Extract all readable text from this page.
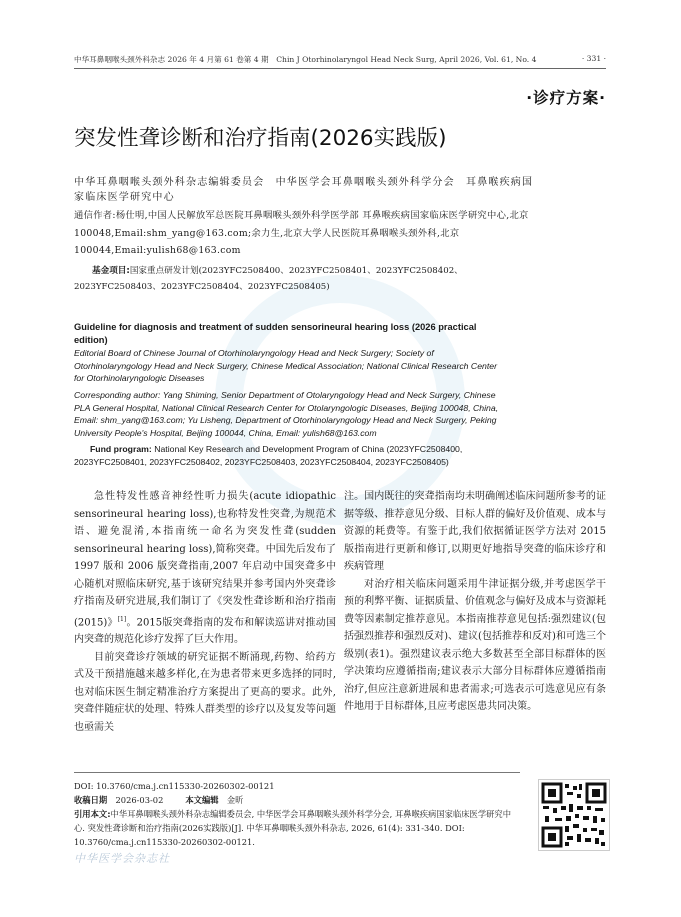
中华耳鼻咽喉头颈外科杂志 2026 年 4 月第 61 卷第 4 期　Chin J Otorhinolaryngol Head Neck Surg, April 2026, Vol. 61, No. 4	· 331 ·
·诊疗方案·
突发性聋诊断和治疗指南(2026实践版)
中华耳鼻咽喉头颈外科杂志编辑委员会　中华医学会耳鼻咽喉头颈外科学分会　耳鼻喉疾病国家临床医学研究中心
通信作者:杨仕明,中国人民解放军总医院耳鼻咽喉头颈外科学医学部 耳鼻喉疾病国家临床医学研究中心,北京 100048,Email:shm_yang@163.com;余力生,北京大学人民医院耳鼻咽喉头颈外科,北京 100044,Email:yulish68@163.com
基金项目:国家重点研发计划(2023YFC2508400、2023YFC2508401、2023YFC2508402、2023YFC2508403、2023YFC2508404、2023YFC2508405)
Guideline for diagnosis and treatment of sudden sensorineural hearing loss (2026 practical edition)
Editorial Board of Chinese Journal of Otorhinolaryngology Head and Neck Surgery; Society of Otorhinolaryngology Head and Neck Surgery, Chinese Medical Association; National Clinical Research Center for Otorhinolaryngologic Diseases
Corresponding author: Yang Shiming, Senior Department of Otolaryngology Head and Neck Surgery, Chinese PLA General Hospital, National Clinical Research Center for Otolaryngologic Diseases, Beijing 100048, China, Email: shm_yang@163.com; Yu Lisheng, Department of Otorhinolaryngology Head and Neck Surgery, Peking University People's Hospital, Beijing 100044, China, Email: yulish68@163.com
Fund program: National Key Research and Development Program of China (2023YFC2508400, 2023YFC2508401, 2023YFC2508402, 2023YFC2508403, 2023YFC2508404, 2023YFC2508405)

急性特发性感音神经性听力损失(acute idiopathic sensorineural hearing loss),也称特发性突聋,为规范术语、避免混淆,本指南统一命名为突发性聋(sudden sensorineural hearing loss),简称突聋。中国先后发布了 1997 版和 2006 版突聋指南,2007 年启动中国突聋多中心随机对照临床研究,基于该研究结果并参考国内外突聋诊疗指南及研究进展,我们制订了《突发性聋诊断和治疗指南(2015)》[1]。2015版突聋指南的发布和解读巡讲对推动国内突聋的规范化诊疗发挥了巨大作用。

目前突聋诊疗领域的研究证据不断涌现,药物、给药方式及干预措施越来越多样化,在为患者带来更多选择的同时,也对临床医生制定精准治疗方案提出了更高的要求。此外,突聋伴随症状的处理、特殊人群类型的诊疗以及复发等问题也亟需关

注。国内既往的突聋指南均未明确阐述临床问题所参考的证据等级、推荐意见分级、目标人群的偏好及价值观、成本与资源的耗费等。有鉴于此,我们依据循证医学方法对 2015 版指南进行更新和修订,以期更好地指导突聋的临床诊疗和疾病管理

对治疗相关临床问题采用牛津证据分级,并考虑医学干预的利弊平衡、证据质量、价值观念与偏好及成本与资源耗费等因素制定推荐意见。本指南推荐意见包括:强烈建议(包括强烈推荐和强烈反对)、建议(包括推荐和反对)和可选三个级别(表1)。强烈建议表示绝大多数甚至全部目标群体的医学决策均应遵循指南;建议表示大部分目标群体应遵循指南治疗,但应注意新进展和患者需求;可选表示可选意见应有条件地用于目标群体,且应考虑医患共同决策。

DOI: 10.3760/cma.j.cn115330-20260302-00121
收稿日期　 2026-03-02	本文编辑　 金昕
引用本文:中华耳鼻咽喉头颈外科杂志编辑委员会, 中华医学会耳鼻咽喉头颈外科学分会, 耳鼻喉疾病国家临床医学研究中心. 突发性聋诊断和治疗指南(2026实践版)[J]. 中华耳鼻咽喉头颈外科杂志, 2026, 61(4): 331-340. DOI: 10.3760/cma.j.cn115330-20260302-00121.
中华医学会杂志社
